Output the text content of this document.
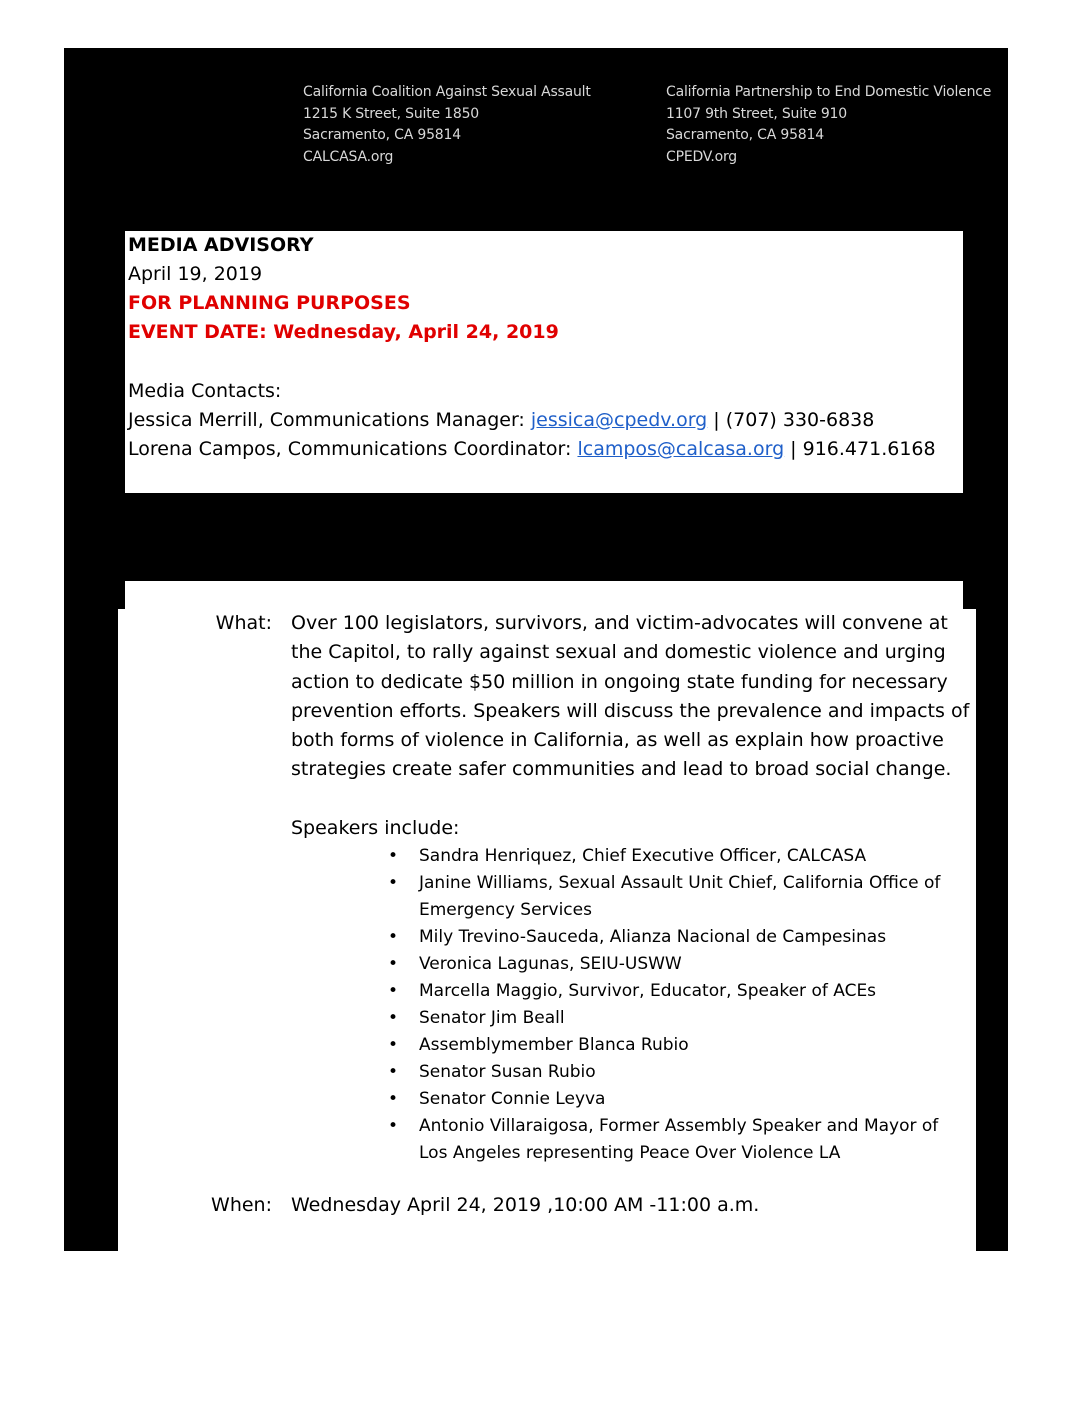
California Coalition Against Sexual Assault
1215 K Street, Suite 1850
Sacramento, CA 95814
CALCASA.org
California Partnership to End Domestic Violence
1107 9th Street, Suite 910
Sacramento, CA 95814
CPEDV.org
MEDIA ADVISORY
April 19, 2019
FOR PLANNING PURPOSES
EVENT DATE: Wednesday, April 24, 2019
Media Contacts:
Jessica Merrill, Communications Manager: jessica@cpedv.org | (707) 330-6838
Lorena Campos, Communications Coordinator: lcampos@calcasa.org | 916.471.6168
What: Over 100 legislators, survivors, and victim-advocates will convene at
the Capitol, to rally against sexual and domestic violence and urging
action to dedicate $50 million in ongoing state funding for necessary
prevention efforts. Speakers will discuss the prevalence and impacts of
both forms of violence in California, as well as explain how proactive
strategies create safer communities and lead to broad social change.
Speakers include:
• Sandra Henriquez, Chief Executive Officer, CALCASA
• Janine Williams, Sexual Assault Unit Chief, California Office of
Emergency Services
• Mily Trevino-Sauceda, Alianza Nacional de Campesinas
• Veronica Lagunas, SEIU-USWW
• Marcella Maggio, Survivor, Educator, Speaker of ACEs
• Senator Jim Beall
• Assemblymember Blanca Rubio
• Senator Susan Rubio
• Senator Connie Leyva
• Antonio Villaraigosa, Former Assembly Speaker and Mayor of
Los Angeles representing Peace Over Violence LA
When: Wednesday April 24, 2019 ,10:00 AM -11:00 a.m.
